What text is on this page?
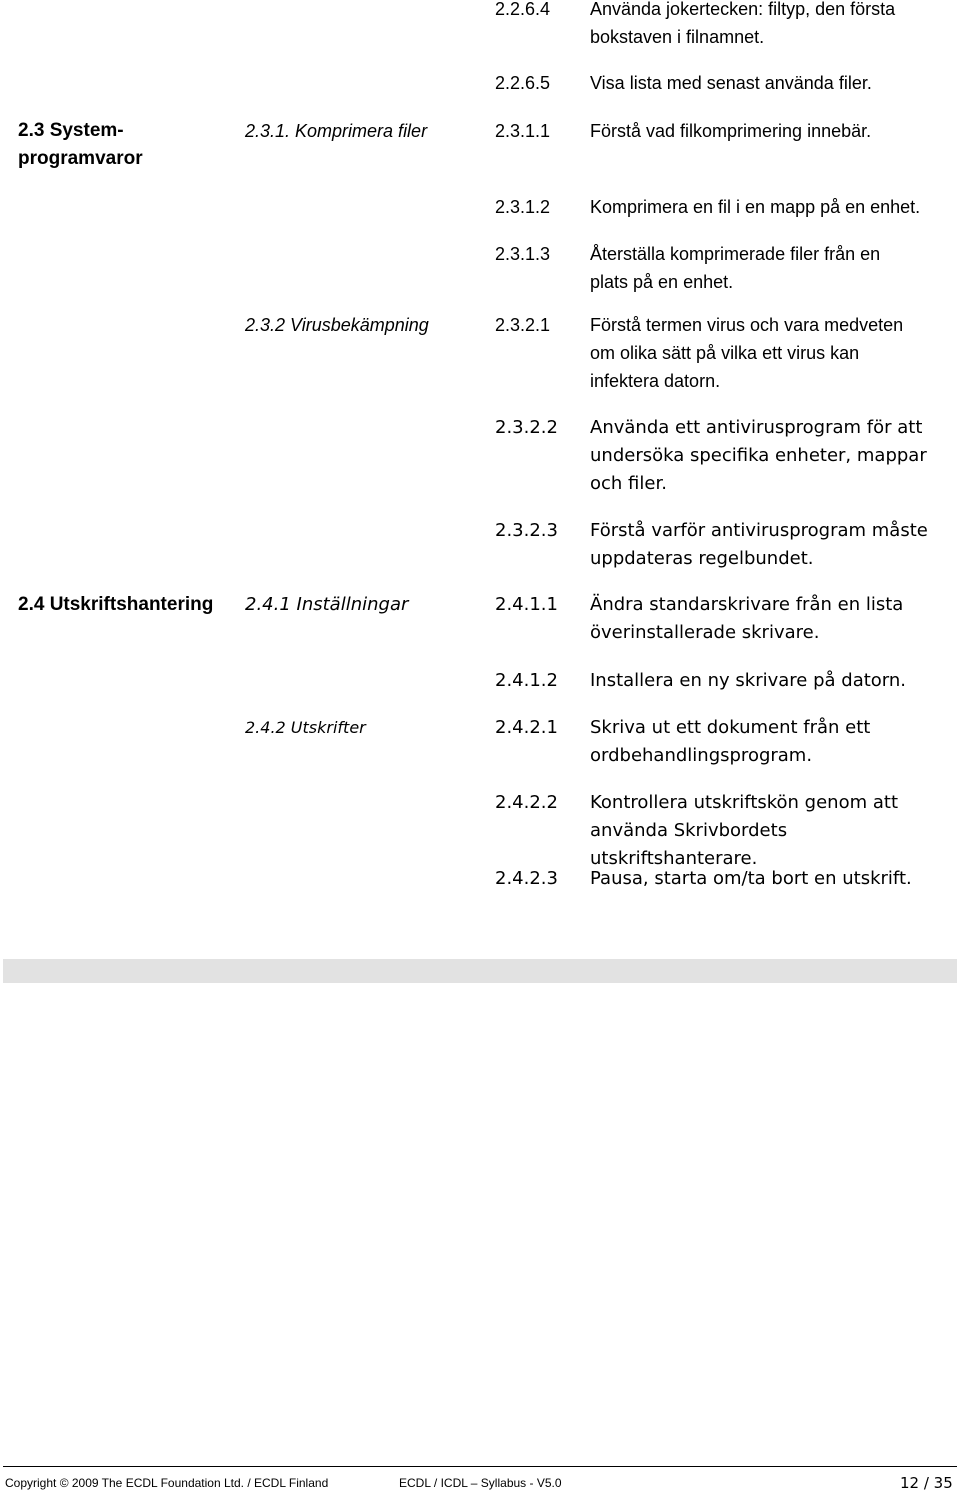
2.3 System-programvaror
2.4 Utskriftshantering
2.3.1. Komprimera filer
2.3.2 Virusbekämpning
2.4.1 Inställningar
2.4.2 Utskrifter
2.2.6.4
2.2.6.5
2.3.1.1
2.3.1.2
2.3.1.3
2.3.2.1
2.3.2.2
2.3.2.3
2.4.1.1
2.4.1.2
2.4.2.1
2.4.2.2
2.4.2.3
Använda jokertecken: filtyp, den första bokstaven i filnamnet.
Visa lista med senast använda filer.
Förstå vad filkomprimering innebär.
Komprimera en fil i en mapp på en enhet.
Återställa komprimerade filer från en plats på en enhet.
Förstå termen virus och vara medveten om olika sätt på vilka ett virus kan infektera datorn.
Använda ett antivirusprogram för att undersöka specifika enheter, mappar och filer.
Förstå varför antivirusprogram måste uppdateras regelbundet.
Ändra standarskrivare från en lista överinstallerade skrivare.
Installera en ny skrivare på datorn.
Skriva ut ett dokument från ett ordbehandlingsprogram.
Kontrollera utskriftskön genom att använda Skrivbordets utskriftshanterare.
Pausa, starta om/ta bort en utskrift.
Copyright © 2009 The ECDL Foundation Ltd. / ECDL Finland	ECDL / ICDL – Syllabus - V5.0	12 / 35
